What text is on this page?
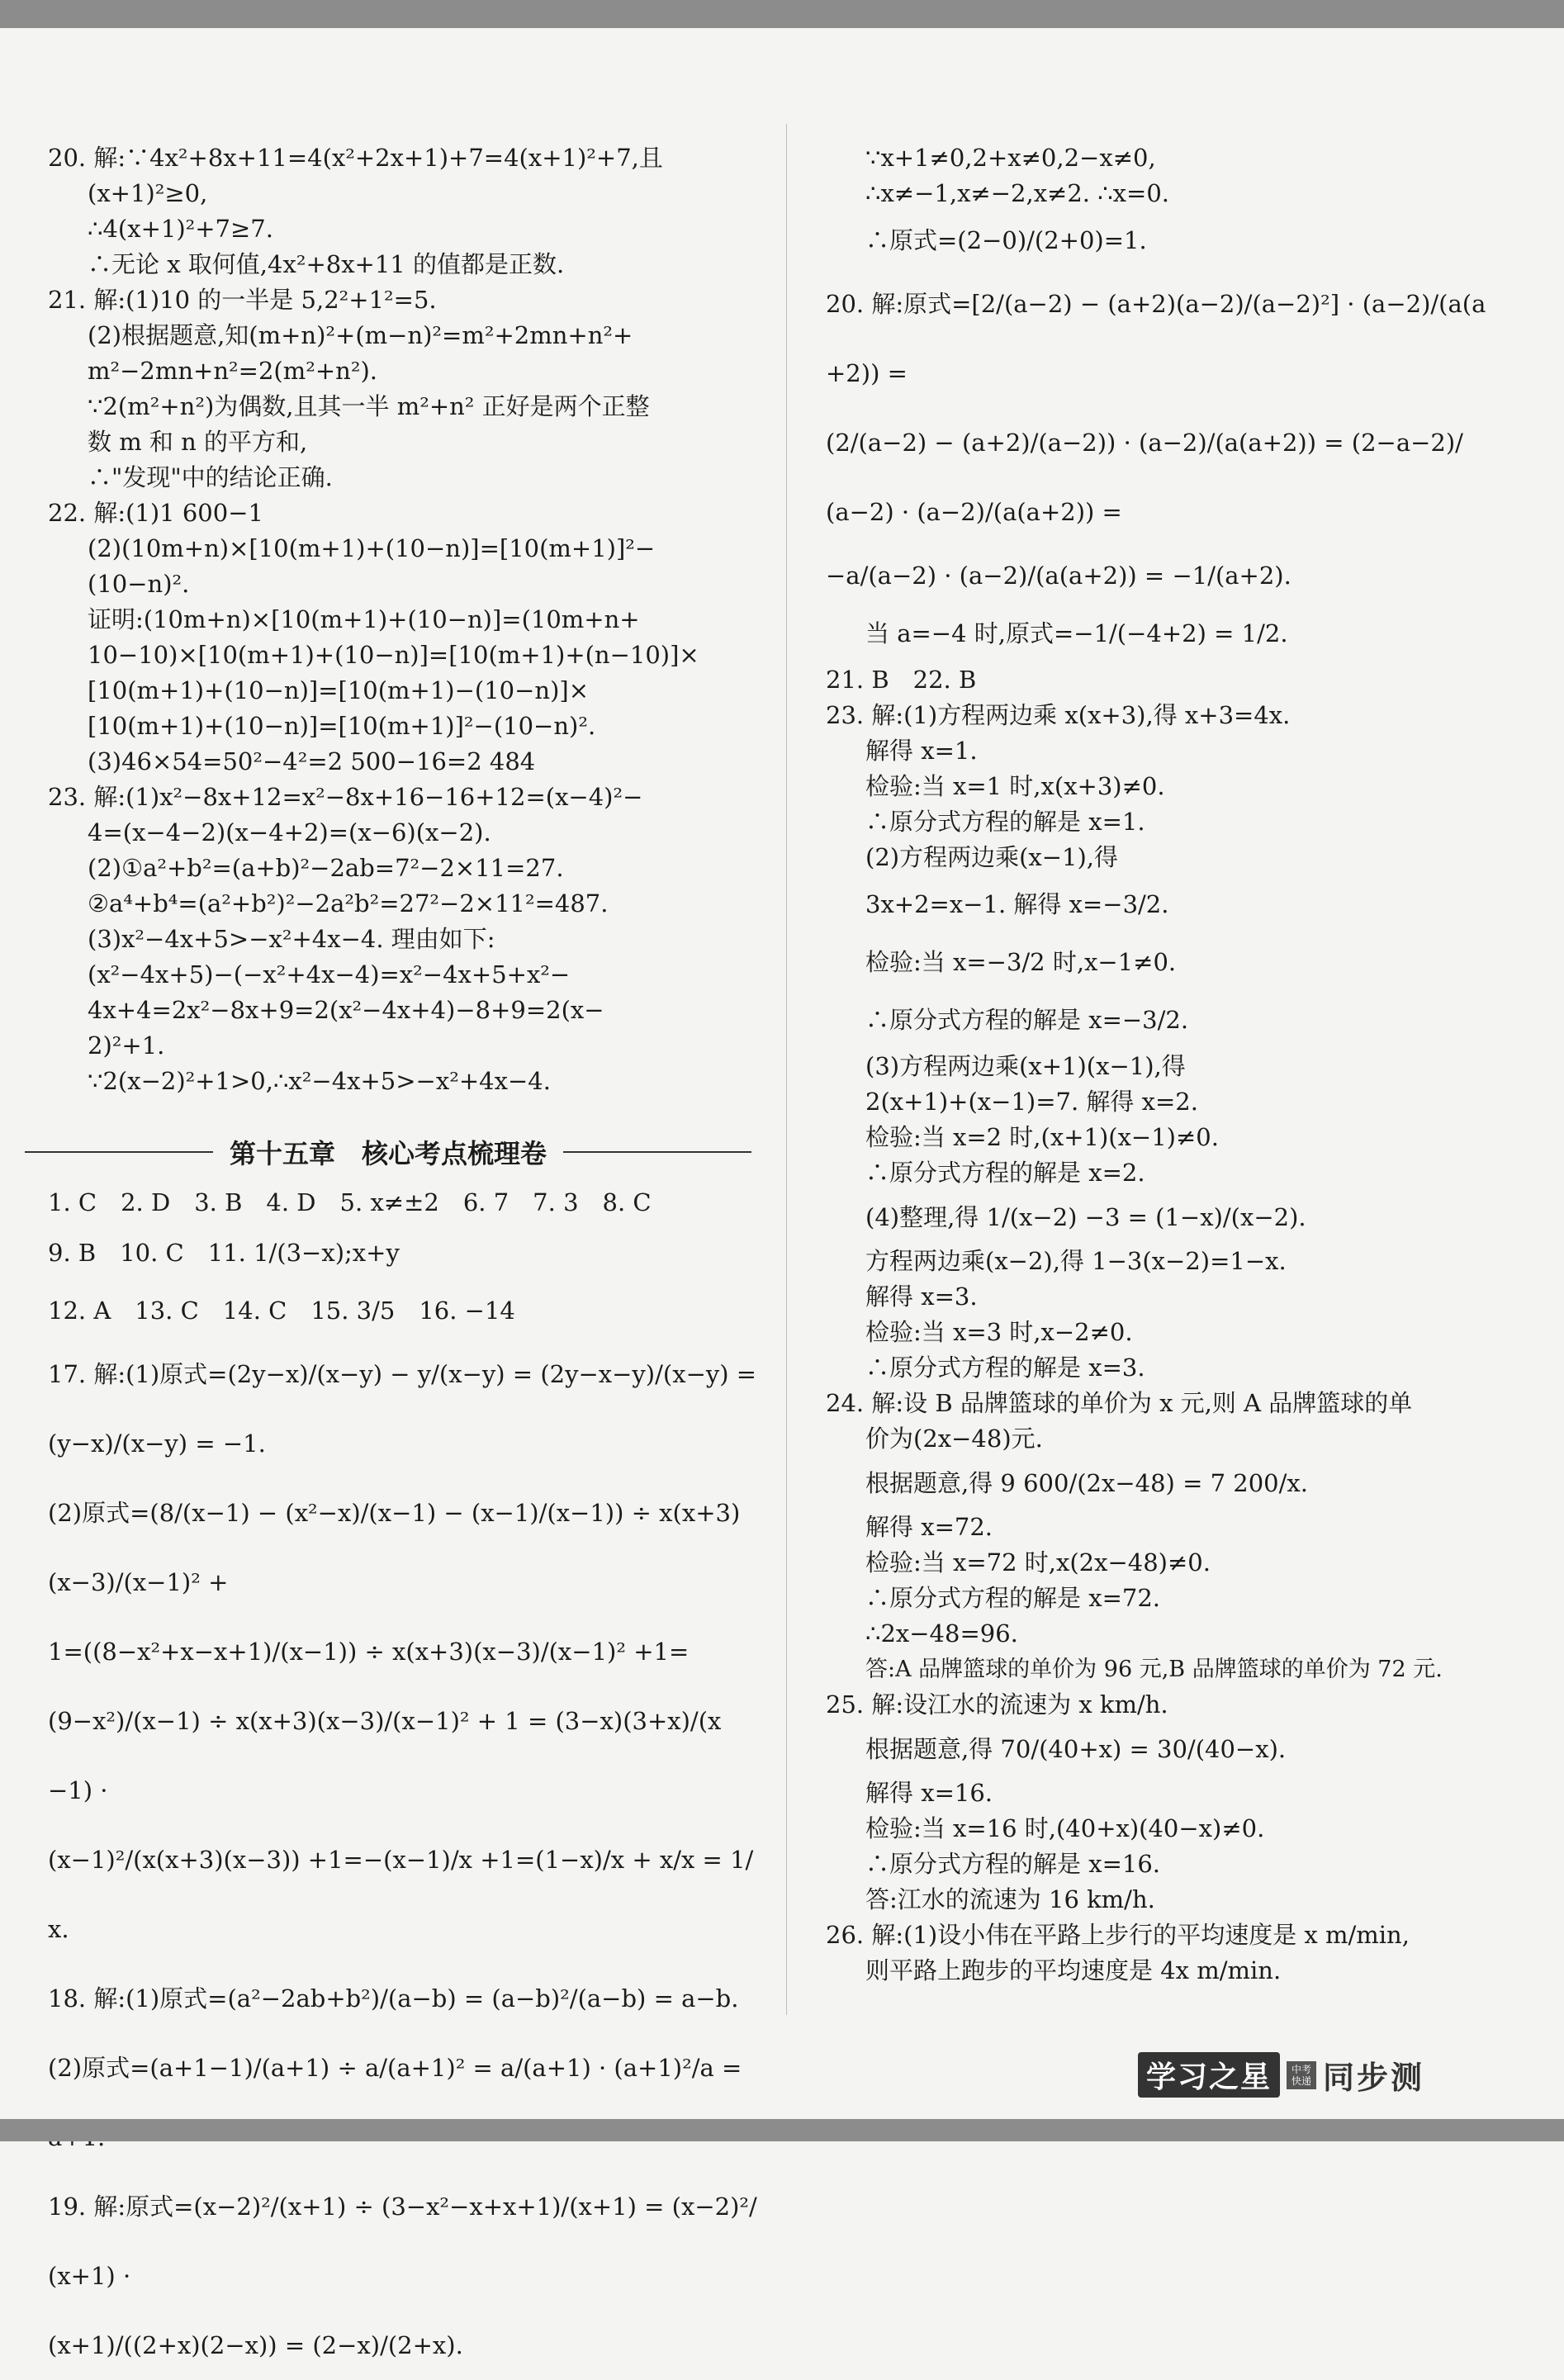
20. 解:∵4x²+8x+11=4(x²+2x+1)+7=4(x+1)²+7,且

(x+1)²≥0,

∴4(x+1)²+7≥7.

∴无论 x 取何值,4x²+8x+11 的值都是正数.

21. 解:(1)10 的一半是 5,2²+1²=5.

(2)根据题意,知(m+n)²+(m−n)²=m²+2mn+n²+

m²−2mn+n²=2(m²+n²).

∵2(m²+n²)为偶数,且其一半 m²+n² 正好是两个正整

数 m 和 n 的平方和,

∴"发现"中的结论正确.

22. 解:(1)1 600−1

(2)(10m+n)×[10(m+1)+(10−n)]=[10(m+1)]²−

(10−n)².

证明:(10m+n)×[10(m+1)+(10−n)]=(10m+n+

10−10)×[10(m+1)+(10−n)]=[10(m+1)+(n−10)]×

[10(m+1)+(10−n)]=[10(m+1)−(10−n)]×

[10(m+1)+(10−n)]=[10(m+1)]²−(10−n)².

(3)46×54=50²−4²=2 500−16=2 484

23. 解:(1)x²−8x+12=x²−8x+16−16+12=(x−4)²−

4=(x−4−2)(x−4+2)=(x−6)(x−2).

(2)①a²+b²=(a+b)²−2ab=7²−2×11=27.

②a⁴+b⁴=(a²+b²)²−2a²b²=27²−2×11²=487.

(3)x²−4x+5>−x²+4x−4. 理由如下:

(x²−4x+5)−(−x²+4x−4)=x²−4x+5+x²−

4x+4=2x²−8x+9=2(x²−4x+4)−8+9=2(x−

2)²+1.

∵2(x−2)²+1>0,∴x²−4x+5>−x²+4x−4.

第十五章　核心考点梳理卷

1. C　2. D　3. B　4. D　5. x≠±2　6. 7　7. 3　8. C

9. B　10. C　11. 1/(3−x);x+y

12. A　13. C　14. C　15. 3/5　16. −14

17. 解:(1)原式=(2y−x)/(x−y) − y/(x−y) = (2y−x−y)/(x−y) = (y−x)/(x−y) = −1.

(2)原式=(8/(x−1) − (x²−x)/(x−1) − (x−1)/(x−1)) ÷ x(x+3)(x−3)/(x−1)² +

1=((8−x²+x−x+1)/(x−1)) ÷ x(x+3)(x−3)/(x−1)² +1=

(9−x²)/(x−1) ÷ x(x+3)(x−3)/(x−1)² + 1 = (3−x)(3+x)/(x−1) ·

(x−1)²/(x(x+3)(x−3)) +1=−(x−1)/x +1=(1−x)/x + x/x = 1/x.

18. 解:(1)原式=(a²−2ab+b²)/(a−b) = (a−b)²/(a−b) = a−b.

(2)原式=(a+1−1)/(a+1) ÷ a/(a+1)² = a/(a+1) · (a+1)²/a =

19. 解:原式=(x−2)²/(x+1) ÷ (3−x²−x+x+1)/(x+1) = (x−2)²/(x+1) ·

(x+1)/((2+x)(2−x)) = (2−x)/(2+x).

∵x+1≠0,2+x≠0,2−x≠0,

∴x≠−1,x≠−2,x≠2. ∴x=0.

∴原式=(2−0)/(2+0)=1.

20. 解:原式=[2/(a−2) − (a+2)(a−2)/(a−2)²] · (a−2)/(a(a+2)) =

(2/(a−2) − (a+2)/(a−2)) · (a−2)/(a(a+2)) = (2−a−2)/(a−2) · (a−2)/(a(a+2)) =

−a/(a−2) · (a−2)/(a(a+2)) = −1/(a+2).

当 a=−4 时,原式=−1/(−4+2) = 1/2.

21. B　22. B

23. 解:(1)方程两边乘 x(x+3),得 x+3=4x.

解得 x=1.

检验:当 x=1 时,x(x+3)≠0.

∴原分式方程的解是 x=1.

(2)方程两边乘(x−1),得

3x+2=x−1. 解得 x=−3/2.

检验:当 x=−3/2 时,x−1≠0.

∴原分式方程的解是 x=−3/2.

(3)方程两边乘(x+1)(x−1),得

2(x+1)+(x−1)=7. 解得 x=2.

检验:当 x=2 时,(x+1)(x−1)≠0.

∴原分式方程的解是 x=2.

(4)整理,得 1/(x−2) −3 = (1−x)/(x−2).

方程两边乘(x−2),得 1−3(x−2)=1−x.

解得 x=3.

检验:当 x=3 时,x−2≠0.

∴原分式方程的解是 x=3.

24. 解:设 B 品牌篮球的单价为 x 元,则 A 品牌篮球的单

价为(2x−48)元.

根据题意,得 9 600/(2x−48) = 7 200/x.

解得 x=72.

检验:当 x=72 时,x(2x−48)≠0.

∴原分式方程的解是 x=72.

∴2x−48=96.

答:A 品牌篮球的单价为 96 元,B 品牌篮球的单价为 72 元.

25. 解:设江水的流速为 x km/h.

根据题意,得 70/(40+x) = 30/(40−x).

解得 x=16.

检验:当 x=16 时,(40+x)(40−x)≠0.

∴原分式方程的解是 x=16.

答:江水的流速为 16 km/h.

26. 解:(1)设小伟在平路上步行的平均速度是 x m/min,

则平路上跑步的平均速度是 4x m/min.

学习之星	中考快递 同步测
